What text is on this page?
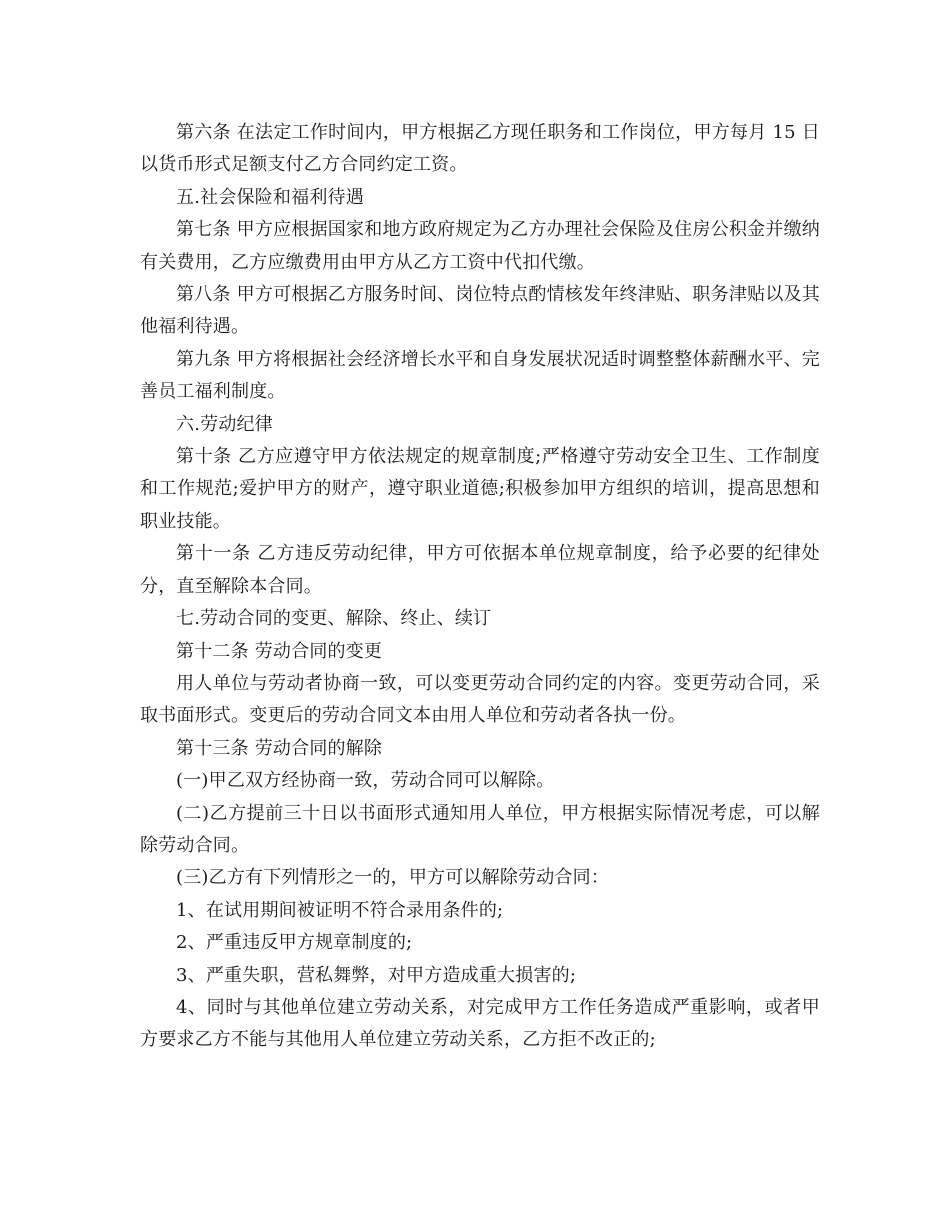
第六条 在法定工作时间内，甲方根据乙方现任职务和工作岗位，甲方每月 15 日以货币形式足额支付乙方合同约定工资。

五.社会保险和福利待遇

第七条 甲方应根据国家和地方政府规定为乙方办理社会保险及住房公积金并缴纳有关费用，乙方应缴费用由甲方从乙方工资中代扣代缴。

第八条 甲方可根据乙方服务时间、岗位特点酌情核发年终津贴、职务津贴以及其他福利待遇。

第九条 甲方将根据社会经济增长水平和自身发展状况适时调整整体薪酬水平、完善员工福利制度。

六.劳动纪律

第十条 乙方应遵守甲方依法规定的规章制度;严格遵守劳动安全卫生、工作制度和工作规范;爱护甲方的财产，遵守职业道德;积极参加甲方组织的培训，提高思想和职业技能。

第十一条 乙方违反劳动纪律，甲方可依据本单位规章制度，给予必要的纪律处分，直至解除本合同。

七.劳动合同的变更、解除、终止、续订

第十二条 劳动合同的变更

用人单位与劳动者协商一致，可以变更劳动合同约定的内容。变更劳动合同，采取书面形式。变更后的劳动合同文本由用人单位和劳动者各执一份。

第十三条 劳动合同的解除

(一)甲乙双方经协商一致，劳动合同可以解除。

(二)乙方提前三十日以书面形式通知用人单位，甲方根据实际情况考虑，可以解除劳动合同。

(三)乙方有下列情形之一的，甲方可以解除劳动合同：

1、在试用期间被证明不符合录用条件的;

2、严重违反甲方规章制度的;

3、严重失职，营私舞弊，对甲方造成重大损害的;

4、同时与其他单位建立劳动关系，对完成甲方工作任务造成严重影响，或者甲方要求乙方不能与其他用人单位建立劳动关系，乙方拒不改正的;
